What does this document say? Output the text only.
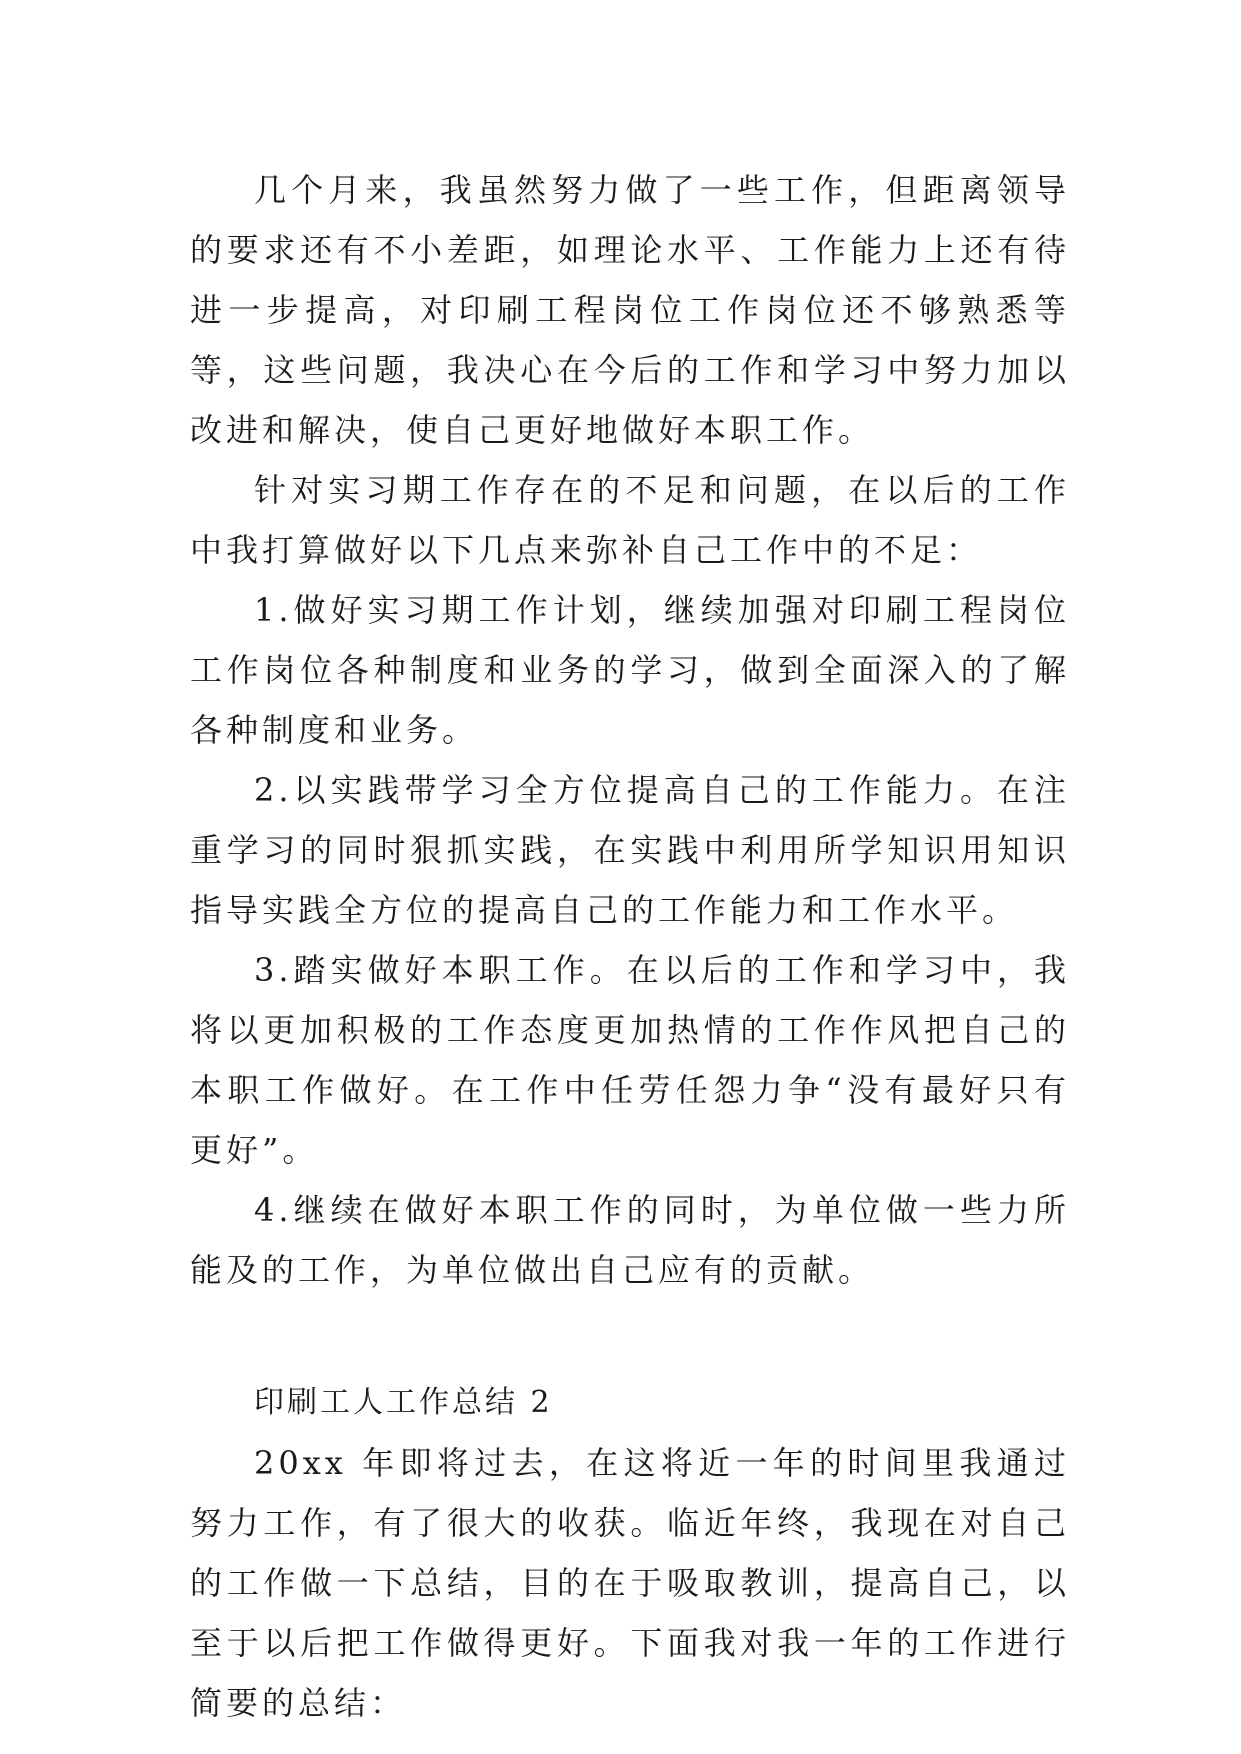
几个月来，我虽然努力做了一些工作，但距离领导的要求还有不小差距，如理论水平、工作能力上还有待进一步提高，对印刷工程岗位工作岗位还不够熟悉等等，这些问题，我决心在今后的工作和学习中努力加以改进和解决，使自己更好地做好本职工作。

针对实习期工作存在的不足和问题，在以后的工作中我打算做好以下几点来弥补自己工作中的不足：

1.做好实习期工作计划，继续加强对印刷工程岗位工作岗位各种制度和业务的学习，做到全面深入的了解各种制度和业务。

2.以实践带学习全方位提高自己的工作能力。在注重学习的同时狠抓实践，在实践中利用所学知识用知识指导实践全方位的提高自己的工作能力和工作水平。

3.踏实做好本职工作。在以后的工作和学习中，我将以更加积极的工作态度更加热情的工作作风把自己的本职工作做好。在工作中任劳任怨力争“没有最好只有更好”。

4.继续在做好本职工作的同时，为单位做一些力所能及的工作，为单位做出自己应有的贡献。

印刷工人工作总结 2

20xx 年即将过去，在这将近一年的时间里我通过努力工作，有了很大的收获。临近年终，我现在对自己的工作做一下总结，目的在于吸取教训，提高自己，以至于以后把工作做得更好。下面我对我一年的工作进行简要的总结：
